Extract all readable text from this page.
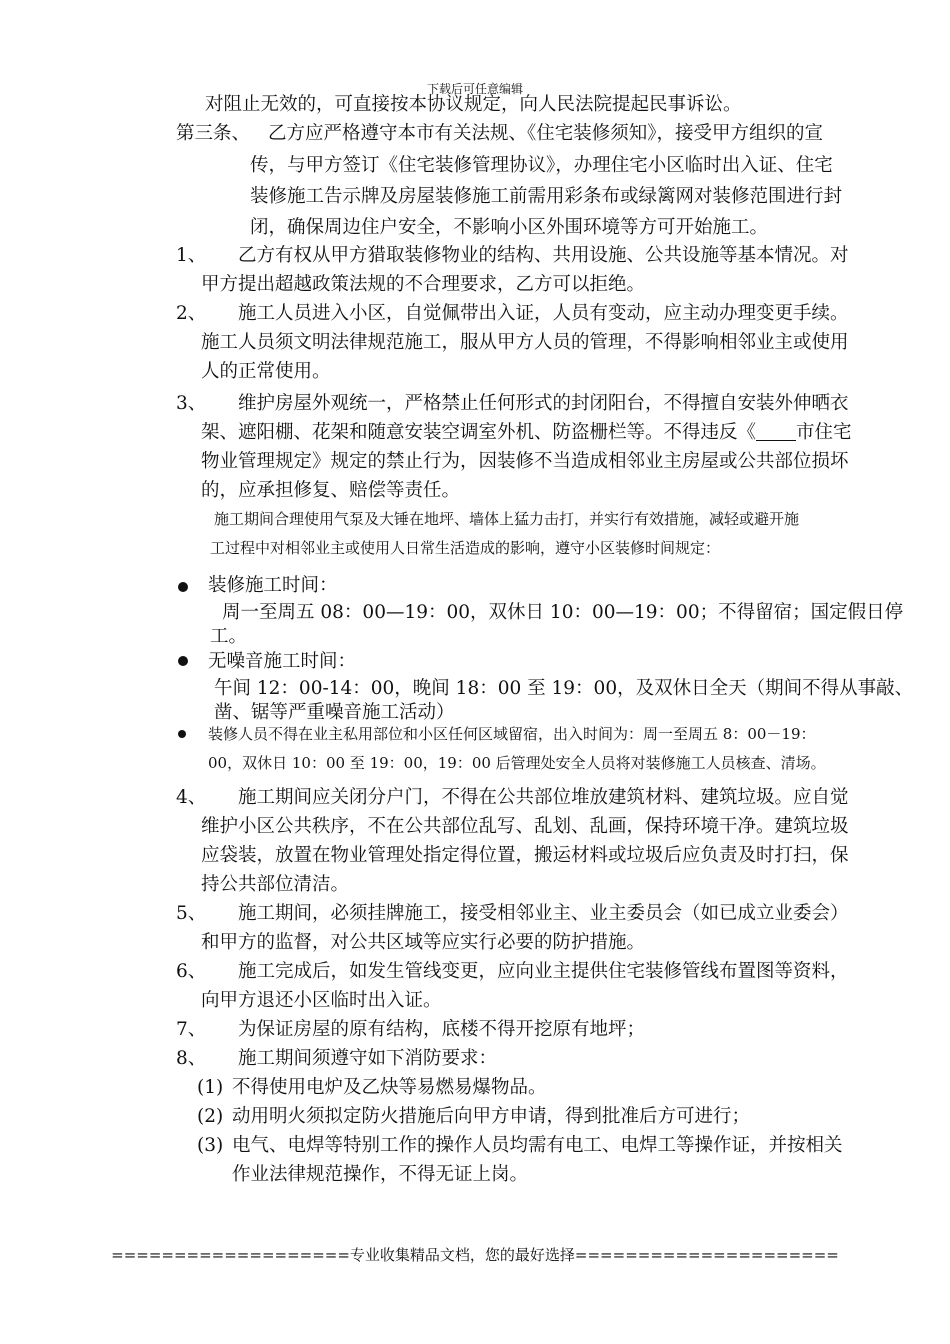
下载后可任意编辑
对阻止无效的，可直接按本协议规定，向人民法院提起民事诉讼。
第三条、 乙方应严格遵守本市有关法规、《住宅装修须知》，接受甲方组织的宣
传，与甲方签订《住宅装修管理协议》，办理住宅小区临时出入证、住宅
装修施工告示牌及房屋装修施工前需用彩条布或绿篱网对装修范围进行封
闭，确保周边住户安全，不影响小区外围环境等方可开始施工。
1、 乙方有权从甲方猎取装修物业的结构、共用设施、公共设施等基本情况。对
甲方提出超越政策法规的不合理要求，乙方可以拒绝。
2、 施工人员进入小区，自觉佩带出入证，人员有变动，应主动办理变更手续。
施工人员须文明法律规范施工，服从甲方人员的管理，不得影响相邻业主或使用
人的正常使用。
3、 维护房屋外观统一，严格禁止任何形式的封闭阳台，不得擅自安装外伸晒衣
架、遮阳棚、花架和随意安装空调室外机、防盗栅栏等。不得违反《 市住宅
物业管理规定》规定的禁止行为，因装修不当造成相邻业主房屋或公共部位损坏
的，应承担修复、赔偿等责任。
施工期间合理使用气泵及大锤在地坪、墙体上猛力击打，并实行有效措施，减轻或避开施
工过程中对相邻业主或使用人日常生活造成的影响，遵守小区装修时间规定：
装修施工时间：
周一至周五 08：00—19：00，双休日 10：00—19：00；不得留宿；国定假日停
工。
无噪音施工时间：
午间 12：00-14：00，晚间 18：00 至 19：00，及双休日全天（期间不得从事敲、
凿、锯等严重噪音施工活动）
装修人员不得在业主私用部位和小区任何区域留宿，出入时间为：周一至周五 8：00－19：
00，双休日 10：00 至 19：00，19：00 后管理处安全人员将对装修施工人员核查、清场。
4、 施工期间应关闭分户门，不得在公共部位堆放建筑材料、建筑垃圾。应自觉
维护小区公共秩序，不在公共部位乱写、乱划、乱画，保持环境干净。建筑垃圾
应袋装，放置在物业管理处指定得位置，搬运材料或垃圾后应负责及时打扫，保
持公共部位清洁。
5、 施工期间，必须挂牌施工，接受相邻业主、业主委员会（如已成立业委会）
和甲方的监督，对公共区域等应实行必要的防护措施。
6、 施工完成后，如发生管线变更，应向业主提供住宅装修管线布置图等资料，
向甲方退还小区临时出入证。
7、 为保证房屋的原有结构，底楼不得开挖原有地坪；
8、 施工期间须遵守如下消防要求：
(1) 不得使用电炉及乙炔等易燃易爆物品。
(2) 动用明火须拟定防火措施后向甲方申请，得到批准后方可进行；
(3) 电气、电焊等特别工作的操作人员均需有电工、电焊工等操作证，并按相关
作业法律规范操作，不得无证上岗。
===================专业收集精品文档，您的最好选择=====================
